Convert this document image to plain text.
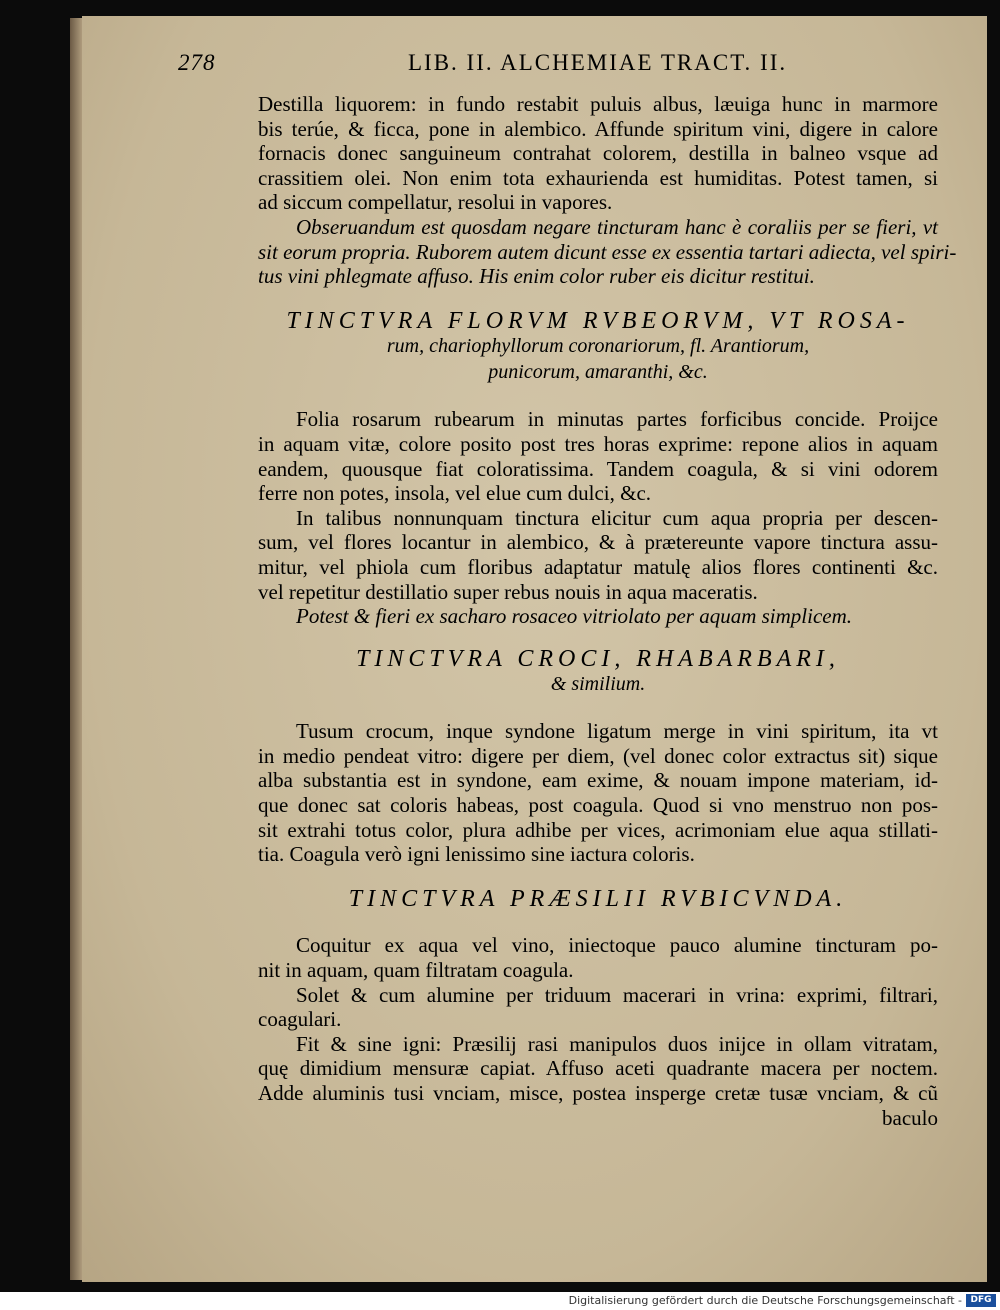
278	LIB. II. ALCHEMIAE TRACT. II.
Destilla liquorem: in fundo restabit puluis albus, læuiga hunc in marmore
bis terúe, & ficca, pone in alembico. Affunde spiritum vini, digere in calore
fornacis donec sanguineum contrahat colorem, destilla in balneo vsque ad
crassitiem olei. Non enim tota exhaurienda est humiditas. Potest tamen, si
ad siccum compellatur, resolui in vapores.
Obseruandum est quosdam negare tincturam hanc è coraliis per se fieri, vt
sit eorum propria. Ruborem autem dicunt esse ex essentia tartari adiecta, vel spiri-
tus vini phlegmate affuso. His enim color ruber eis dicitur restitui.
TINCTVRA FLORVM RVBEORVM, VT ROSA-
rum, chariophyllorum coronariorum, fl. Arantiorum,
punicorum, amaranthi, &c.
Folia rosarum rubearum in minutas partes forficibus concide. Proijce
in aquam vitæ, colore posito post tres horas exprime: repone alios in aquam
eandem, quousque fiat coloratissima. Tandem coagula, & si vini odorem
ferre non potes, insola, vel elue cum dulci, &c.
In talibus nonnunquam tinctura elicitur cum aqua propria per descen-
sum, vel flores locantur in alembico, & à prætereunte vapore tinctura assu-
mitur, vel phiola cum floribus adaptatur matulę alios flores continenti &c.
vel repetitur destillatio super rebus nouis in aqua maceratis.
Potest & fieri ex sacharo rosaceo vitriolato per aquam simplicem.
TINCTVRA CROCI, RHABARBARI,
& similium.
Tusum crocum, inque syndone ligatum merge in vini spiritum, ita vt
in medio pendeat vitro: digere per diem, (vel donec color extractus sit) sique
alba substantia est in syndone, eam exime, & nouam impone materiam, id-
que donec sat coloris habeas, post coagula. Quod si vno menstruo non pos-
sit extrahi totus color, plura adhibe per vices, acrimoniam elue aqua stillati-
tia. Coagula verò igni lenissimo sine iactura coloris.
TINCTVRA PRÆSILII RVBICVNDA.
Coquitur ex aqua vel vino, iniectoque pauco alumine tincturam po-
nit in aquam, quam filtratam coagula.
Solet & cum alumine per triduum macerari in vrina: exprimi, filtrari,
coagulari.
Fit & sine igni: Præsilij rasi manipulos duos inijce in ollam vitratam,
quę dimidium mensuræ capiat. Affuso aceti quadrante macera per noctem.
Adde aluminis tusi vnciam, misce, postea insperge cretæ tusæ vnciam, & cũ
baculo
Digitalisierung gefördert durch die Deutsche Forschungsgemeinschaft - DFG
